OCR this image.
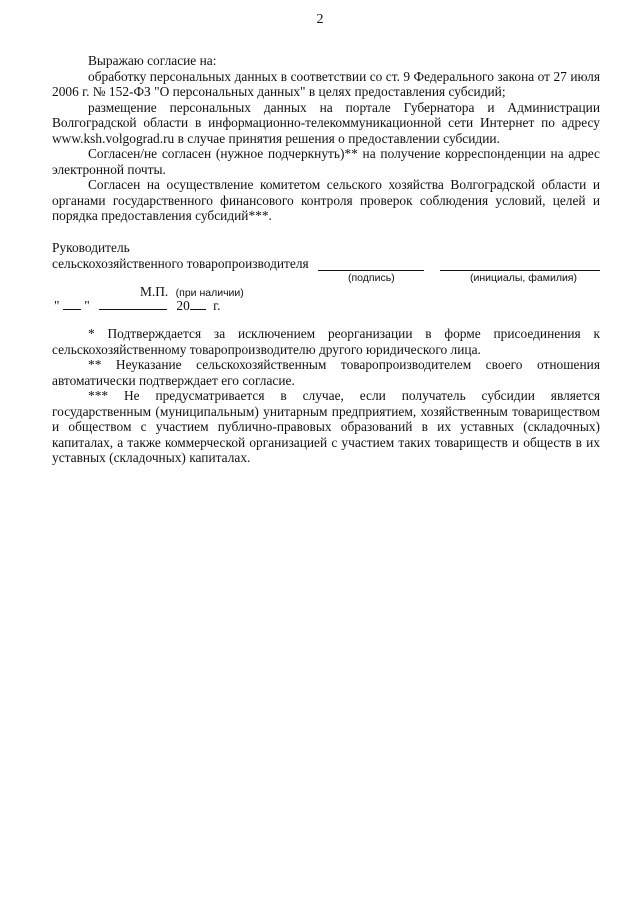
2

Выражаю согласие на:

обработку персональных данных в соответствии со ст. 9 Федерального закона от 27 июля 2006 г. № 152-ФЗ "О персональных данных" в целях предоставления субсидий;

размещение персональных данных на портале Губернатора и Администрации Волгоградской области в информационно-телекоммуникационной сети Интернет по адресу www.ksh.volgograd.ru в случае принятия решения о предоставлении субсидии.

Согласен/не согласен (нужное подчеркнуть)** на получение корреспонденции на адрес электронной почты.

Согласен на осуществление комитетом сельского хозяйства Волгоградской области и органами государственного финансового контроля проверок соблюдения условий, целей и порядка предоставления субсидий***.

Руководитель
сельскохозяйственного товаропроизводителя
(подпись)	(инициалы, фамилия)
М.П. (при наличии)
" "	20 г.

* Подтверждается за исключением реорганизации в форме присоединения к сельскохозяйственному товаропроизводителю другого юридического лица.

** Неуказание сельскохозяйственным товаропроизводителем своего отношения автоматически подтверждает его согласие.

*** Не предусматривается в случае, если получатель субсидии является государственным (муниципальным) унитарным предприятием, хозяйственным товариществом и обществом с участием публично-правовых образований в их уставных (складочных) капиталах, а также коммерческой организацией с участием таких товариществ и обществ в их уставных (складочных) капиталах.
